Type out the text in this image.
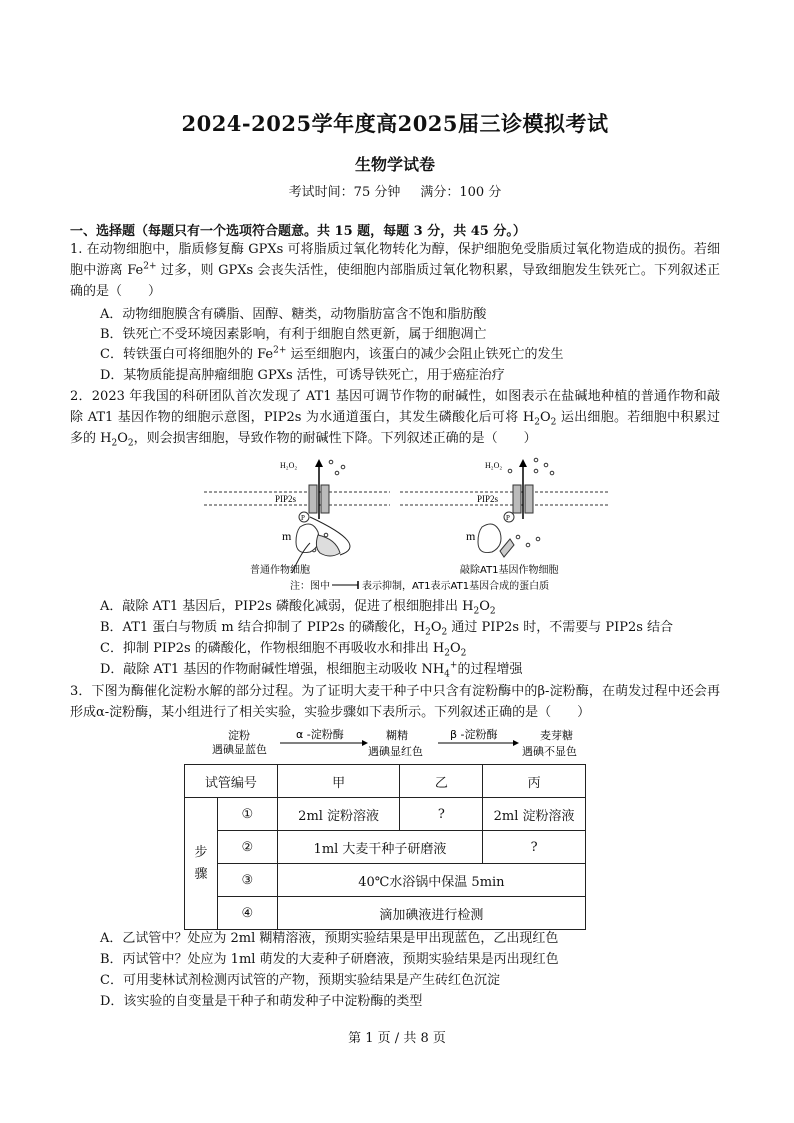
2024-2025学年度高2025届三诊模拟考试
生物学试卷
考试时间：75 分钟 满分：100 分
一、选择题（每题只有一个选项符合题意。共 15 题，每题 3 分，共 45 分。）
1. 在动物细胞中，脂质修复酶 GPXs 可将脂质过氧化物转化为醇，保护细胞免受脂质过氧化物造成的损伤。若细胞中游离 $Fe^{2+}$ 过多，则 GPXs 会丧失活性，使细胞内部脂质过氧化物积累，导致细胞发生铁死亡。下列叙述正确的是（　　）
A．动物细胞膜含有磷脂、固醇、糖类，动物脂肪富含不饱和脂肪酸
B．铁死亡不受环境因素影响，有利于细胞自然更新，属于细胞凋亡
C．转铁蛋白可将细胞外的 $Fe^{2+}$ 运至细胞内，该蛋白的减少会阻止铁死亡的发生
D．某物质能提高肿瘤细胞 GPXs 活性，可诱导铁死亡，用于癌症治疗
2．2023 年我国的科研团队首次发现了 AT1 基因可调节作物的耐碱性，如图表示在盐碱地种植的普通作物和敲除 AT1 基因作物的细胞示意图，PIP2s 为水通道蛋白，其发生磷酸化后可将 $H_2O_2$ 运出细胞。若细胞中积累过多的 $H_2O_2$，则会损害细胞，导致作物的耐碱性下降。下列叙述正确的是（　　）
H₂O₂
PIP2s
P
m
普通作物细胞
H₂O₂
PIP2s
P
m
敲除AT1基因作物细胞
注：图中	表示抑制，AT1表示AT1基因合成的蛋白质
A．敲除 AT1 基因后，PIP2s 磷酸化减弱，促进了根细胞排出 $H_2O_2$
B．AT1 蛋白与物质 m 结合抑制了 PIP2s 的磷酸化，$H_2O_2$ 通过 PIP2s 时，不需要与 PIP2s 结合
C．抑制 PIP2s 的磷酸化，作物根细胞不再吸收水和排出 $H_2O_2$
D．敲除 AT1 基因的作物耐碱性增强，根细胞主动吸收 $NH_4^+$的过程增强
3．下图为酶催化淀粉水解的部分过程。为了证明大麦干种子中只含有淀粉酶中的β-淀粉酶，在萌发过程中还会再形成α-淀粉酶，某小组进行了相关实验，实验步骤如下表所示。下列叙述正确的是（　　）
淀粉
遇碘显蓝色
α -淀粉酶	糊精
遇碘显红色
β -淀粉酶	麦芽糖
遇碘不显色
试管编号		甲	乙	丙
步
骤	①	2ml 淀粉溶液	?	2ml 淀粉溶液
	②	1ml 大麦干种子研磨液		?
	③	40℃水浴锅中保温 5min		
	④	滴加碘液进行检测		
A．乙试管中？处应为 2ml 糊精溶液，预期实验结果是甲出现蓝色，乙出现红色
B．丙试管中？处应为 1ml 萌发的大麦种子研磨液，预期实验结果是丙出现红色
C．可用斐林试剂检测丙试管的产物，预期实验结果是产生砖红色沉淀
D．该实验的自变量是干种子和萌发种子中淀粉酶的类型
第 1 页 / 共 8 页
